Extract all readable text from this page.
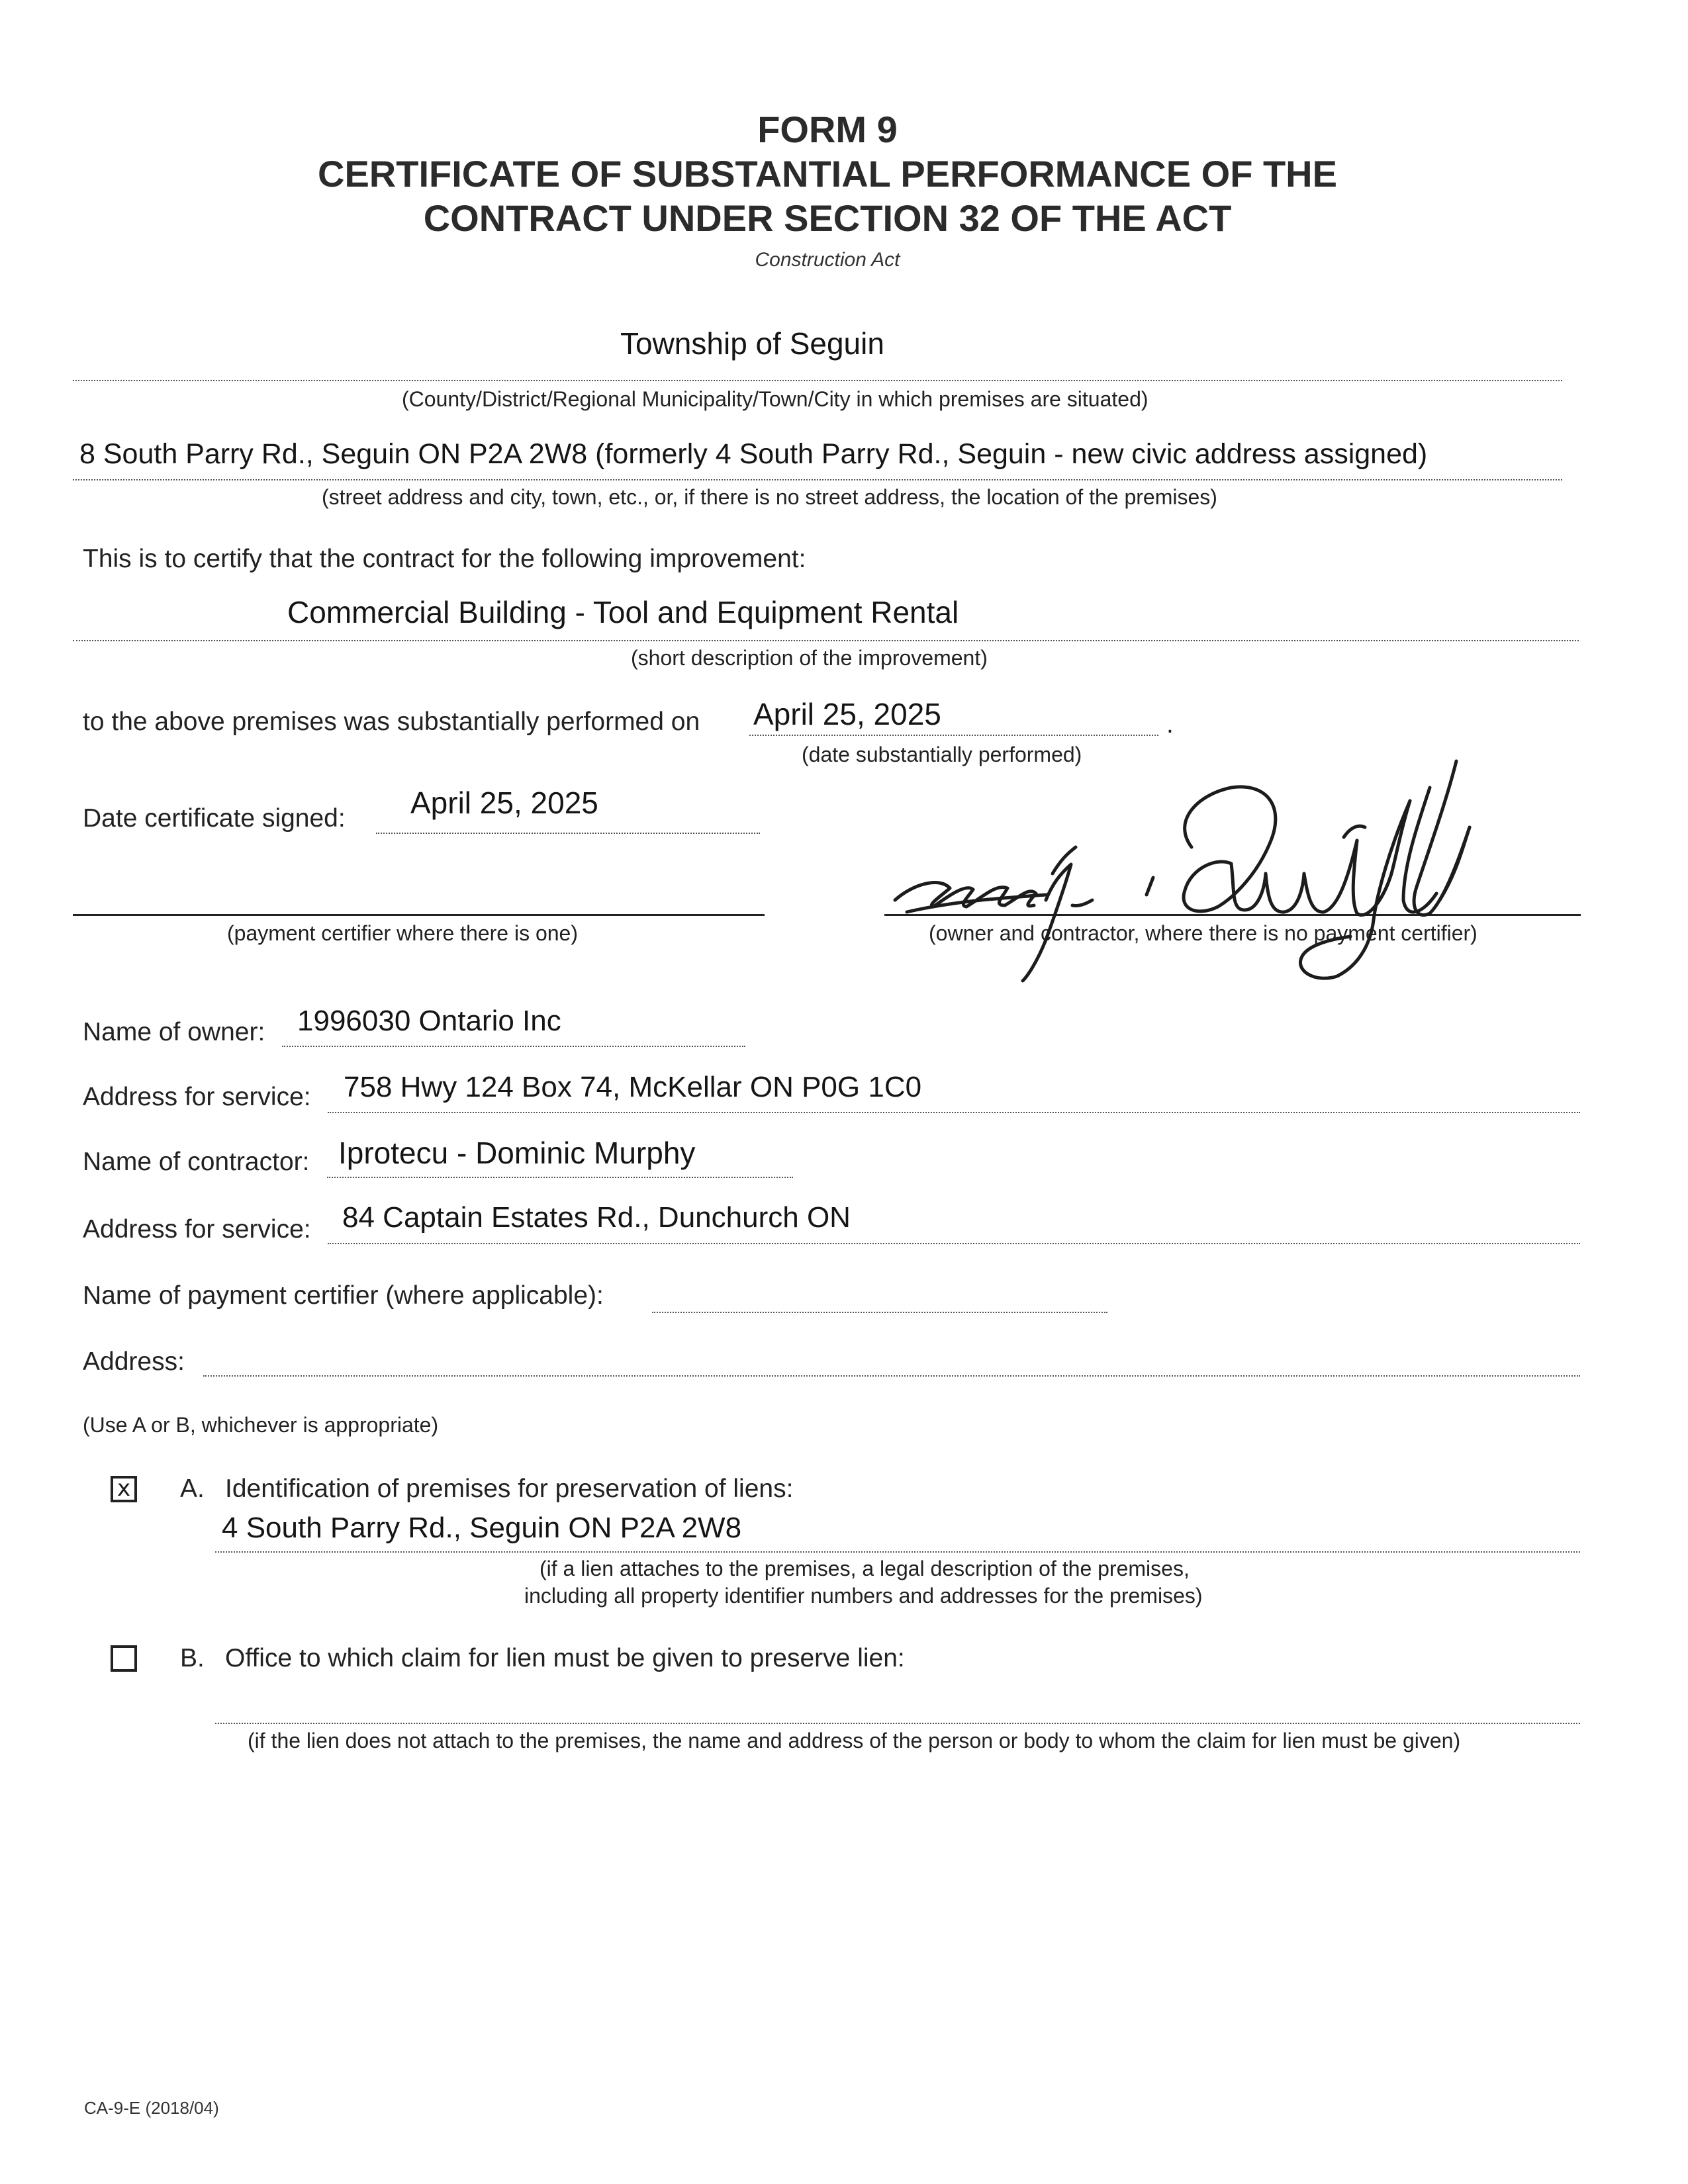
FORM 9
CERTIFICATE OF SUBSTANTIAL PERFORMANCE OF THE
CONTRACT UNDER SECTION 32 OF THE ACT
Construction Act
Township of Seguin
(County/District/Regional Municipality/Town/City in which premises are situated)
8 South Parry Rd., Seguin ON P2A 2W8 (formerly 4 South Parry Rd., Seguin - new civic address assigned)
(street address and city, town, etc., or, if there is no street address, the location of the premises)
This is to certify that the contract for the following improvement:
Commercial Building - Tool and Equipment Rental
(short description of the improvement)
to the above premises was substantially performed on April 25, 2025	.
(date substantially performed)
Date certificate signed: April 25, 2025
(payment certifier where there is one)	(owner and contractor, where there is no payment certifier)
Name of owner: 1996030 Ontario Inc
Address for service: 758 Hwy 124 Box 74, McKellar ON P0G 1C0
Name of contractor: Iprotecu - Dominic Murphy
Address for service: 84 Captain Estates Rd., Dunchurch ON
Name of payment certifier (where applicable):
Address:
(Use A or B, whichever is appropriate)
x A. Identification of premises for preservation of liens:
4 South Parry Rd., Seguin ON P2A 2W8
(if a lien attaches to the premises, a legal description of the premises,
including all property identifier numbers and addresses for the premises)
B. Office to which claim for lien must be given to preserve lien:
(if the lien does not attach to the premises, the name and address of the person or body to whom the claim for lien must be given)
CA-9-E (2018/04)
